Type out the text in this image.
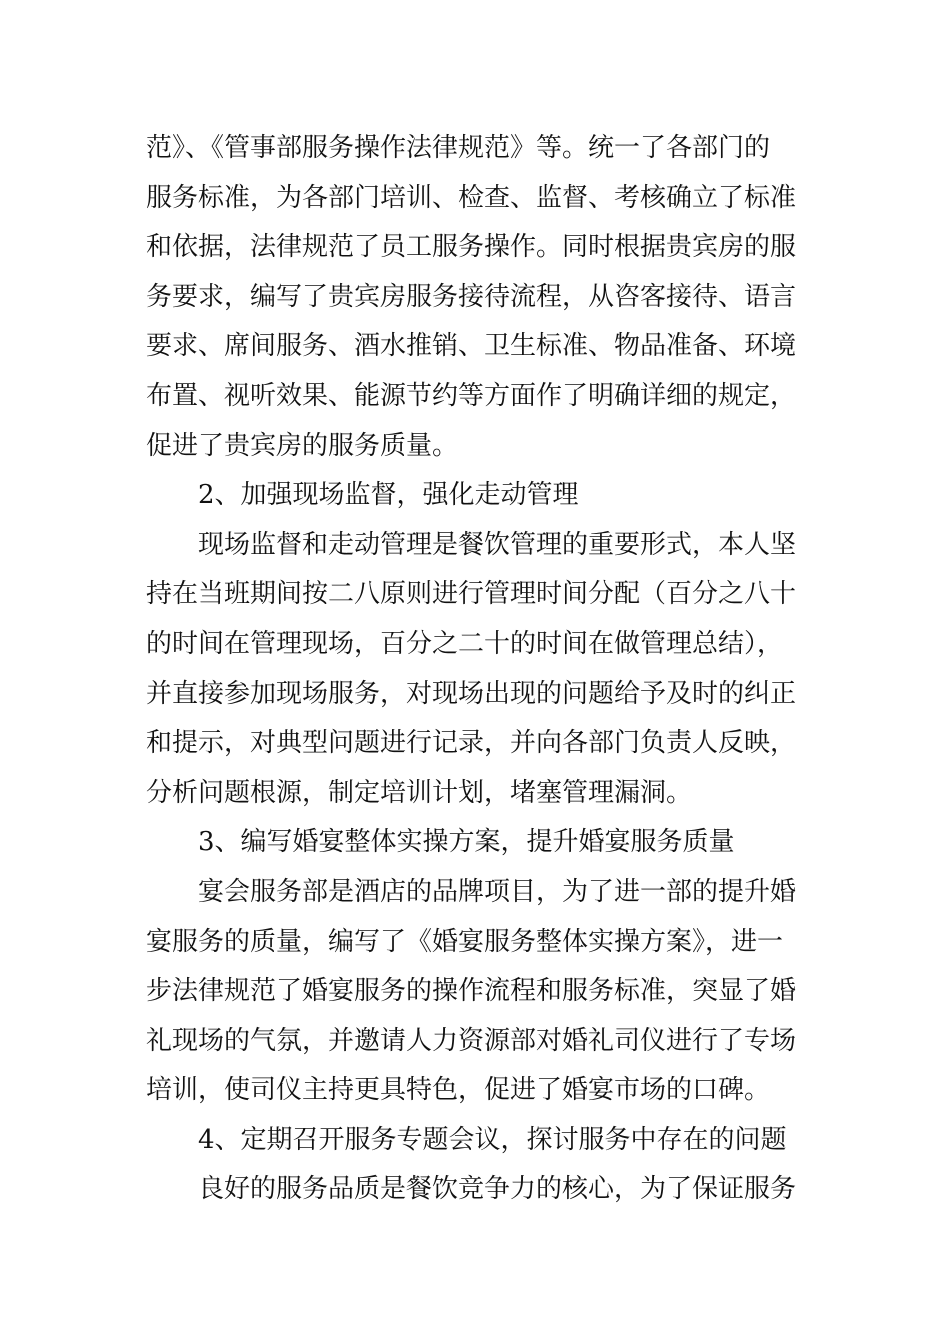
范》、《管事部服务操作法律规范》等。统一了各部门的
服务标准，为各部门培训、检查、监督、考核确立了标准
和依据，法律规范了员工服务操作。同时根据贵宾房的服
务要求，编写了贵宾房服务接待流程，从咨客接待、语言
要求、席间服务、酒水推销、卫生标准、物品准备、环境
布置、视听效果、能源节约等方面作了明确详细的规定，
促进了贵宾房的服务质量。
2、加强现场监督，强化走动管理
现场监督和走动管理是餐饮管理的重要形式，本人坚
持在当班期间按二八原则进行管理时间分配（百分之八十
的时间在管理现场，百分之二十的时间在做管理总结），
并直接参加现场服务，对现场出现的问题给予及时的纠正
和提示，对典型问题进行记录，并向各部门负责人反映，
分析问题根源，制定培训计划，堵塞管理漏洞。
3、编写婚宴整体实操方案，提升婚宴服务质量
宴会服务部是酒店的品牌项目，为了进一部的提升婚
宴服务的质量，编写了《婚宴服务整体实操方案》，进一
步法律规范了婚宴服务的操作流程和服务标准，突显了婚
礼现场的气氛，并邀请人力资源部对婚礼司仪进行了专场
培训，使司仪主持更具特色，促进了婚宴市场的口碑。
4、定期召开服务专题会议，探讨服务中存在的问题
良好的服务品质是餐饮竞争力的核心，为了保证服务
